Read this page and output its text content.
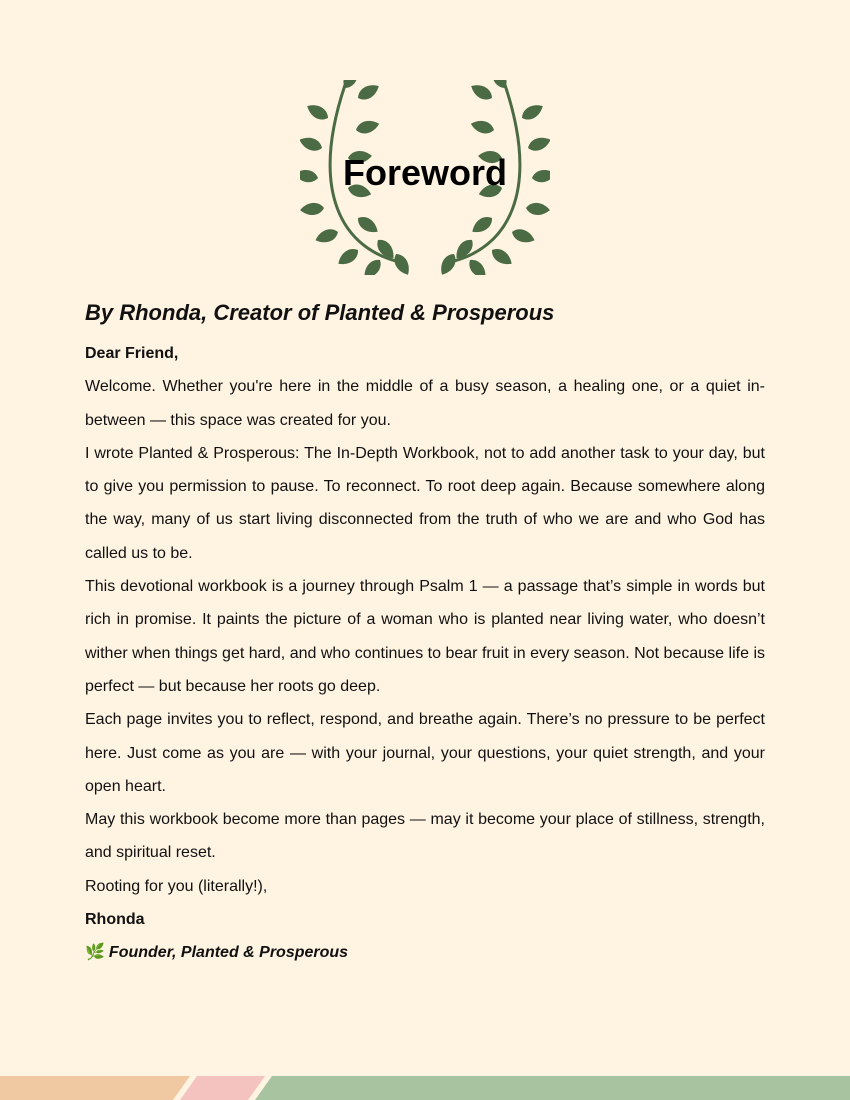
Foreword
By Rhonda, Creator of Planted & Prosperous

Dear Friend,

Welcome. Whether you're here in the middle of a busy season, a healing one, or a quiet in-between — this space was created for you.

I wrote Planted & Prosperous: The In-Depth Workbook, not to add another task to your day, but to give you permission to pause. To reconnect. To root deep again. Because somewhere along the way, many of us start living disconnected from the truth of who we are and who God has called us to be.

This devotional workbook is a journey through Psalm 1 — a passage that’s simple in words but rich in promise. It paints the picture of a woman who is planted near living water, who doesn’t wither when things get hard, and who continues to bear fruit in every season. Not because life is perfect — but because her roots go deep.

Each page invites you to reflect, respond, and breathe again. There’s no pressure to be perfect here. Just come as you are — with your journal, your questions, your quiet strength, and your open heart.

May this workbook become more than pages — may it become your place of stillness, strength, and spiritual reset.

Rooting for you (literally!),

Rhonda

🌿 Founder, Planted & Prosperous
